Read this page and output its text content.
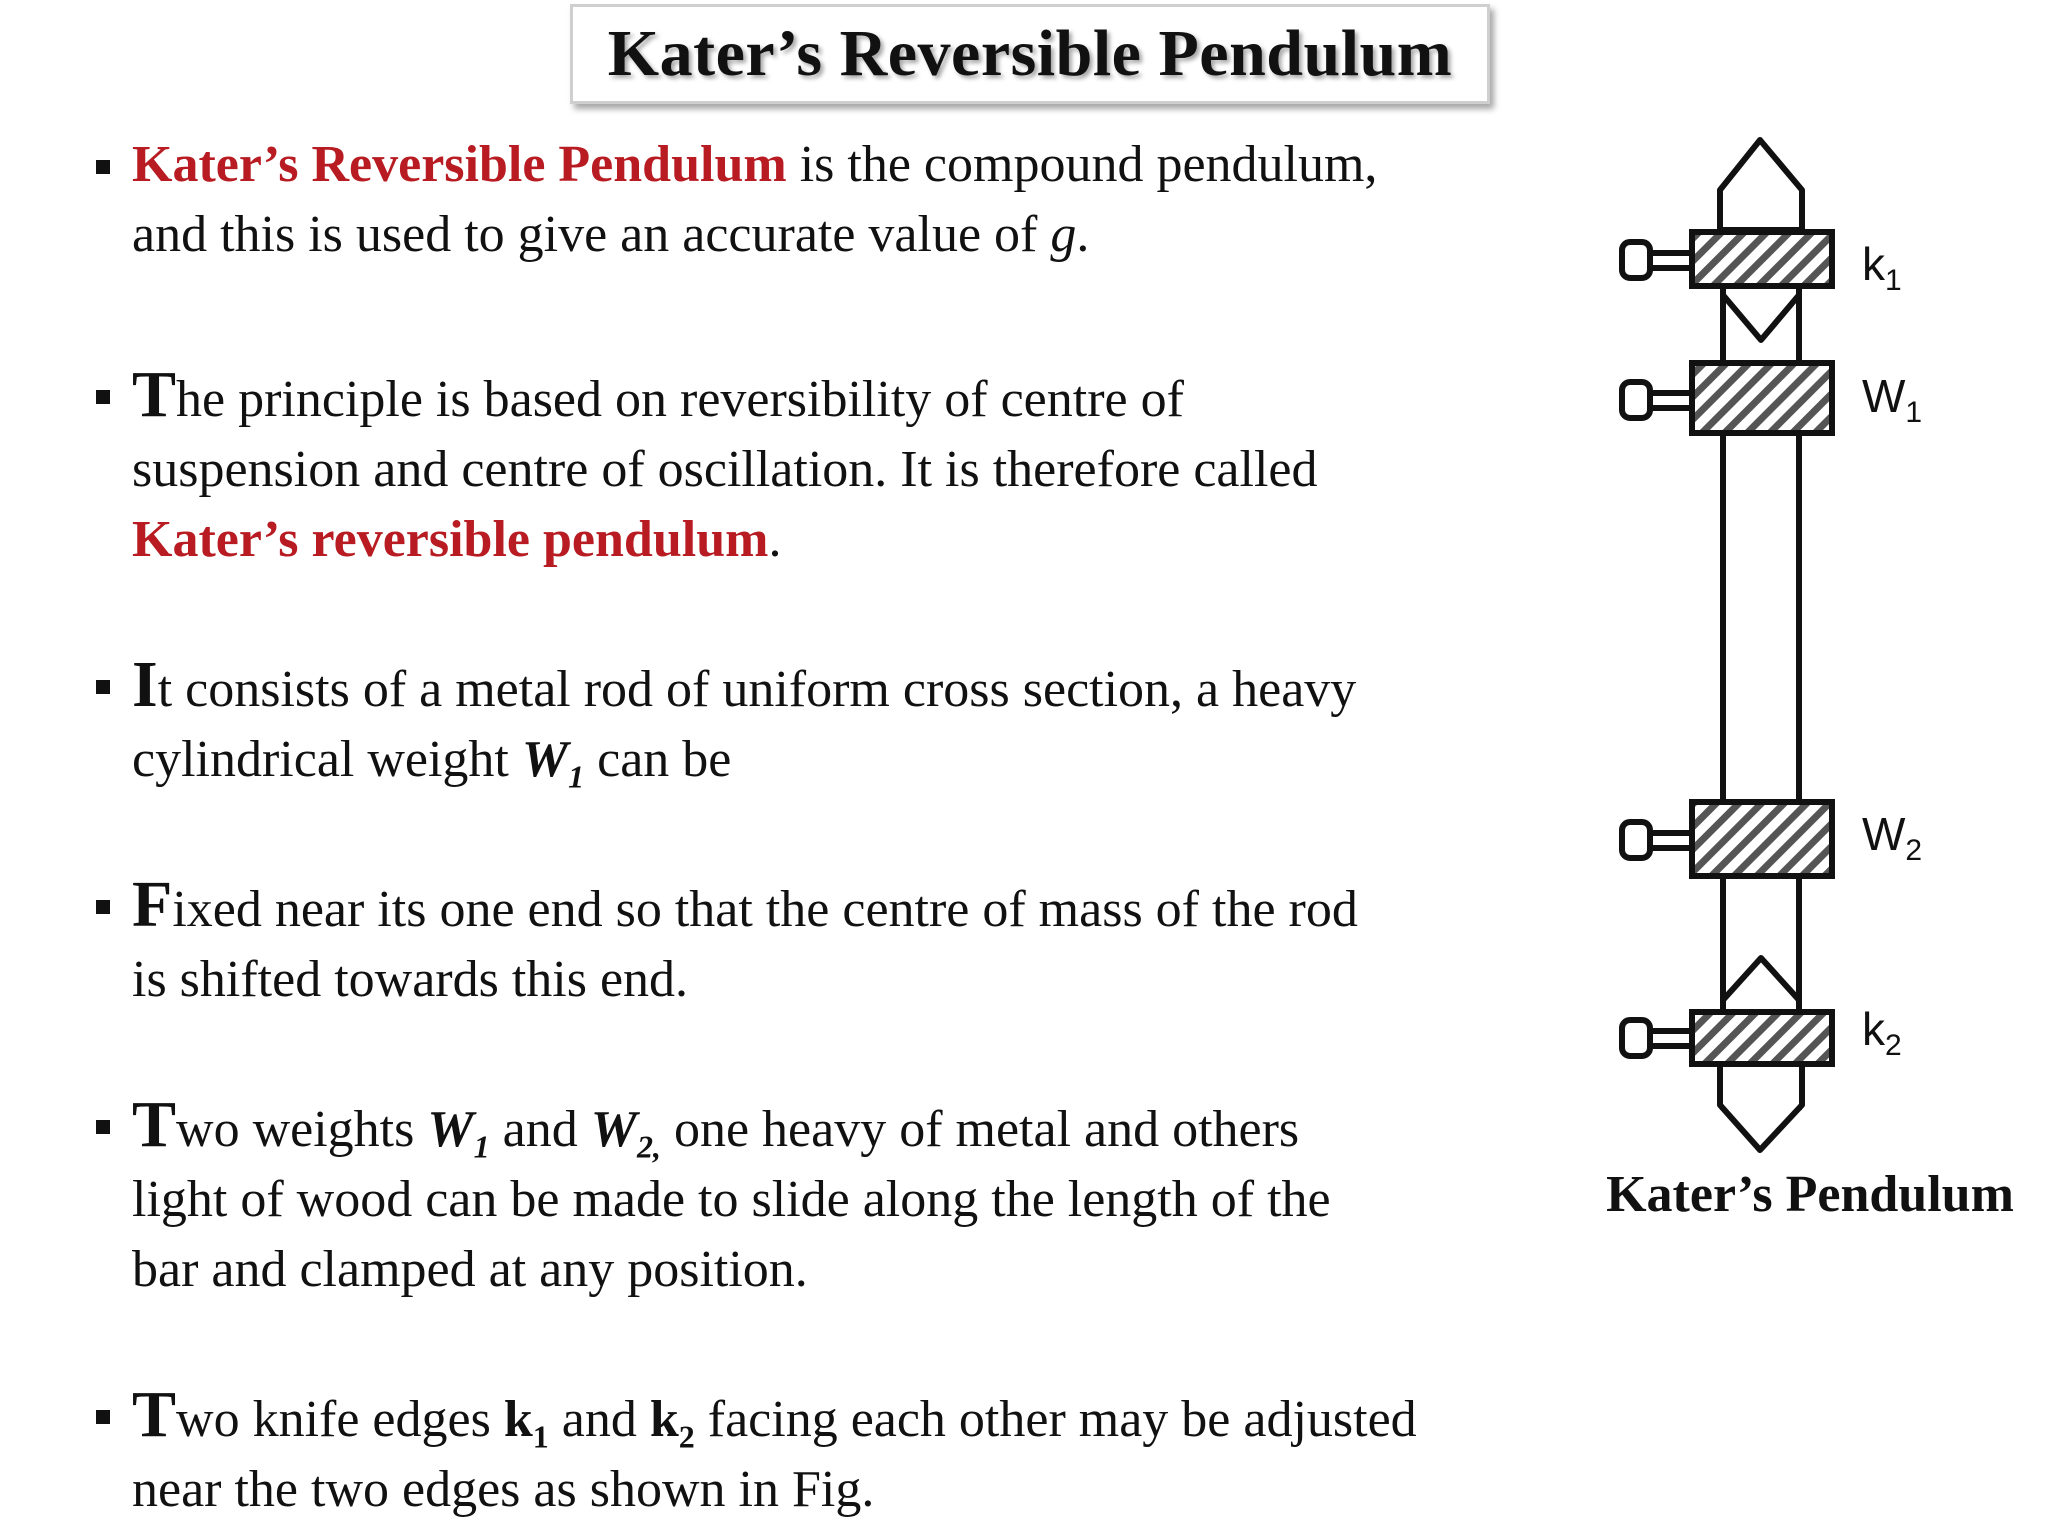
Kater’s Reversible Pendulum
Kater’s Reversible Pendulum is the compound pendulum,
and this is used to give an accurate value of g.
The principle is based on reversibility of centre of
suspension and centre of oscillation. It is therefore called
Kater’s reversible pendulum.
It consists of a metal rod of uniform cross section, a heavy
cylindrical weight $W_1$ can be
Fixed near its one end so that the centre of mass of the rod
is shifted towards this end.
Two weights $W_1$ and $W_{2,}$ one heavy of metal and others
light of wood can be made to slide along the length of the
bar and clamped at any position.
Two knife edges $k_1$ and $k_2$ facing each other may be adjusted
near the two edges as shown in Fig.
$k_1$
$W_1$
$W_2$
$k_2$
Kater’s Pendulum
